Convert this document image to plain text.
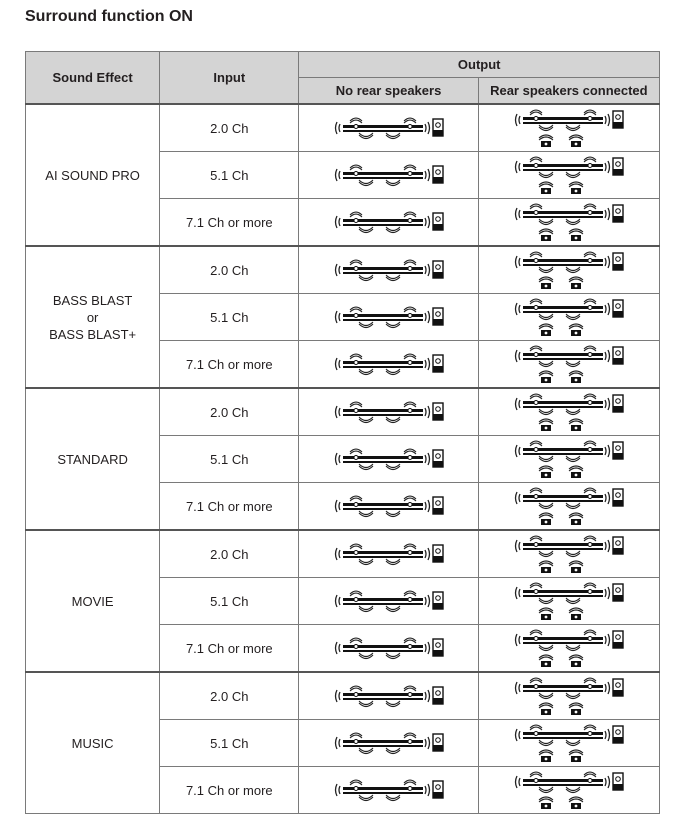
Surround function ON
Sound Effect	Input	Output	
		No rear speakers	Rear speakers connected

AI SOUND PRO	2.0 Ch	

	5.1 Ch	

	7.1 Ch or more	

BASS BLAST
or
BASS BLAST+	2.0 Ch	

	5.1 Ch	

	7.1 Ch or more	

STANDARD	2.0 Ch	

	5.1 Ch	

	7.1 Ch or more	

MOVIE	2.0 Ch	

	5.1 Ch	

	7.1 Ch or more	

MUSIC	2.0 Ch	

	5.1 Ch	

	7.1 Ch or more	
